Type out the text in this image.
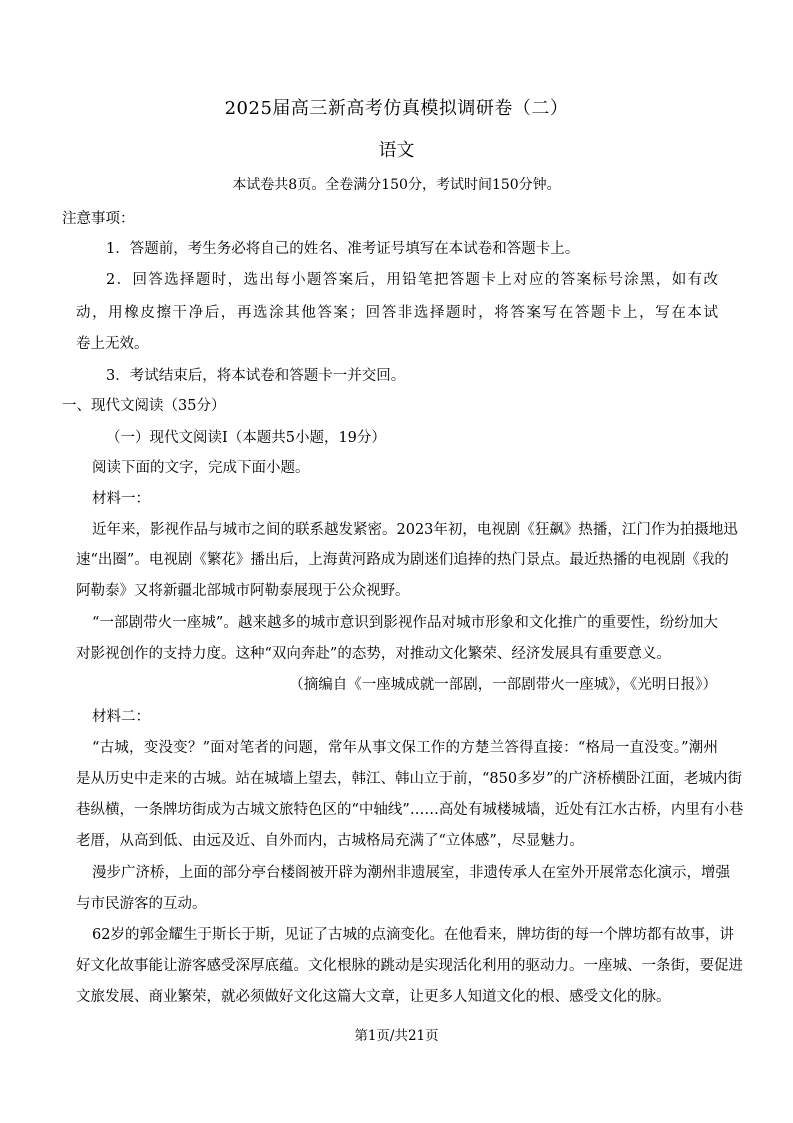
2025届高三新高考仿真模拟调研卷（二）
语文
本试卷共8页。全卷满分150分，考试时间150分钟。
注意事项：
1．答题前，考生务必将自己的姓名、准考证号填写在本试卷和答题卡上。
2．回答选择题时，选出每小题答案后，用铅笔把答题卡上对应的答案标号涂黑，如有改
动，用橡皮擦干净后，再选涂其他答案；回答非选择题时，将答案写在答题卡上，写在本试
卷上无效。
3．考试结束后，将本试卷和答题卡一并交回。
一、现代文阅读（35分）
（一）现代文阅读Ⅰ（本题共5小题，19分）
阅读下面的文字，完成下面小题。
材料一：
近年来，影视作品与城市之间的联系越发紧密。2023年初，电视剧《狂飙》热播，江门作为拍摄地迅
速“出圈”。电视剧《繁花》播出后，上海黄河路成为剧迷们追捧的热门景点。最近热播的电视剧《我的
阿勒泰》又将新疆北部城市阿勒泰展现于公众视野。
“一部剧带火一座城”。越来越多的城市意识到影视作品对城市形象和文化推广的重要性，纷纷加大
对影视创作的支持力度。这种“双向奔赴”的态势，对推动文化繁荣、经济发展具有重要意义。
（摘编自《一座城成就一部剧，一部剧带火一座城》，《光明日报》）
材料二：
“古城，变没变？”面对笔者的问题，常年从事文保工作的方楚兰答得直接：“格局一直没变。”潮州
是从历史中走来的古城。站在城墙上望去，韩江、韩山立于前，“850多岁”的广济桥横卧江面，老城内街
巷纵横，一条牌坊街成为古城文旅特色区的“中轴线”……高处有城楼城墙，近处有江水古桥，内里有小巷
老厝，从高到低、由远及近、自外而内，古城格局充满了“立体感”，尽显魅力。
漫步广济桥，上面的部分亭台楼阁被开辟为潮州非遗展室，非遗传承人在室外开展常态化演示，增强
与市民游客的互动。
62岁的郭金耀生于斯长于斯，见证了古城的点滴变化。在他看来，牌坊街的每一个牌坊都有故事，讲
好文化故事能让游客感受深厚底蕴。文化根脉的跳动是实现活化利用的驱动力。一座城、一条街，要促进
文旅发展、商业繁荣，就必须做好文化这篇大文章，让更多人知道文化的根、感受文化的脉。
第1页/共21页
